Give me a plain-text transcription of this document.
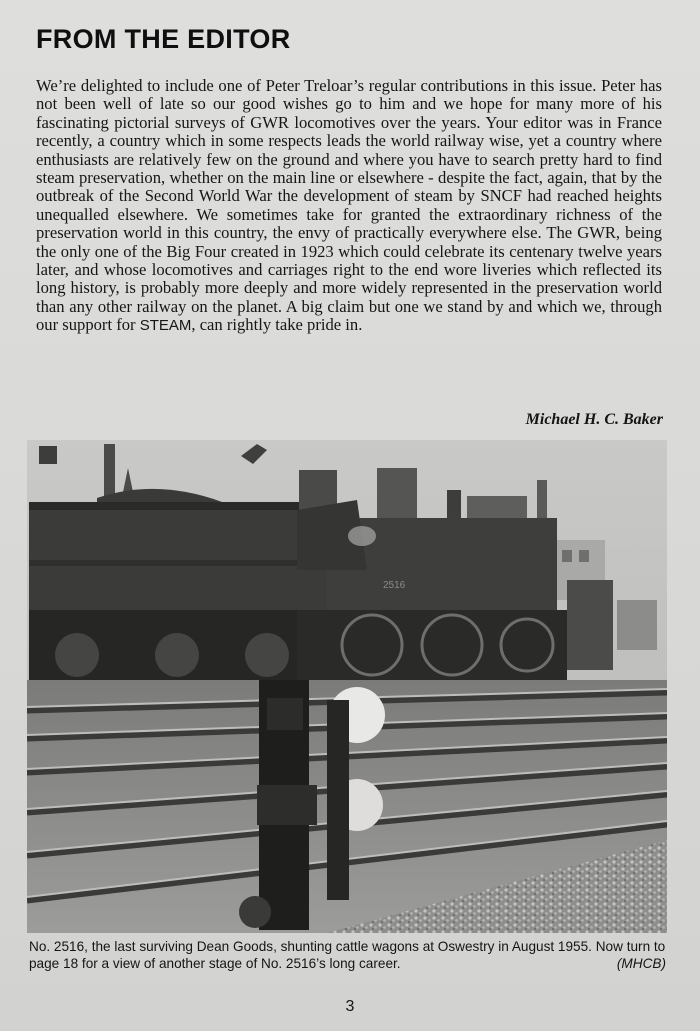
FROM THE EDITOR
We’re delighted to include one of Peter Treloar’s regular contributions in this issue. Peter has not been well of late so our good wishes go to him and we hope for many more of his fascinating pictorial surveys of GWR locomotives over the years. Your editor was in France recently, a country which in some respects leads the world railway wise, yet a country where enthusiasts are relatively few on the ground and where you have to search pretty hard to find steam preservation, whether on the main line or elsewhere - despite the fact, again, that by the outbreak of the Second World War the development of steam by SNCF had reached heights unequalled elsewhere. We sometimes take for granted the extraordinary richness of the preservation world in this country, the envy of practically everywhere else. The GWR, being the only one of the Big Four created in 1923 which could celebrate its centenary twelve years later, and whose locomotives and carriages right to the end wore liveries which reflected its long history, is probably more deeply and more widely represented in the preservation world than any other railway on the planet. A big claim but one we stand by and which we, through our support for STEAM, can rightly take pride in.
Michael H. C. Baker
2516
No. 2516, the last surviving Dean Goods, shunting cattle wagons at Oswestry in August 1955. Now turn to page 18 for a view of another stage of No. 2516’s long career.	(MHCB)
3
